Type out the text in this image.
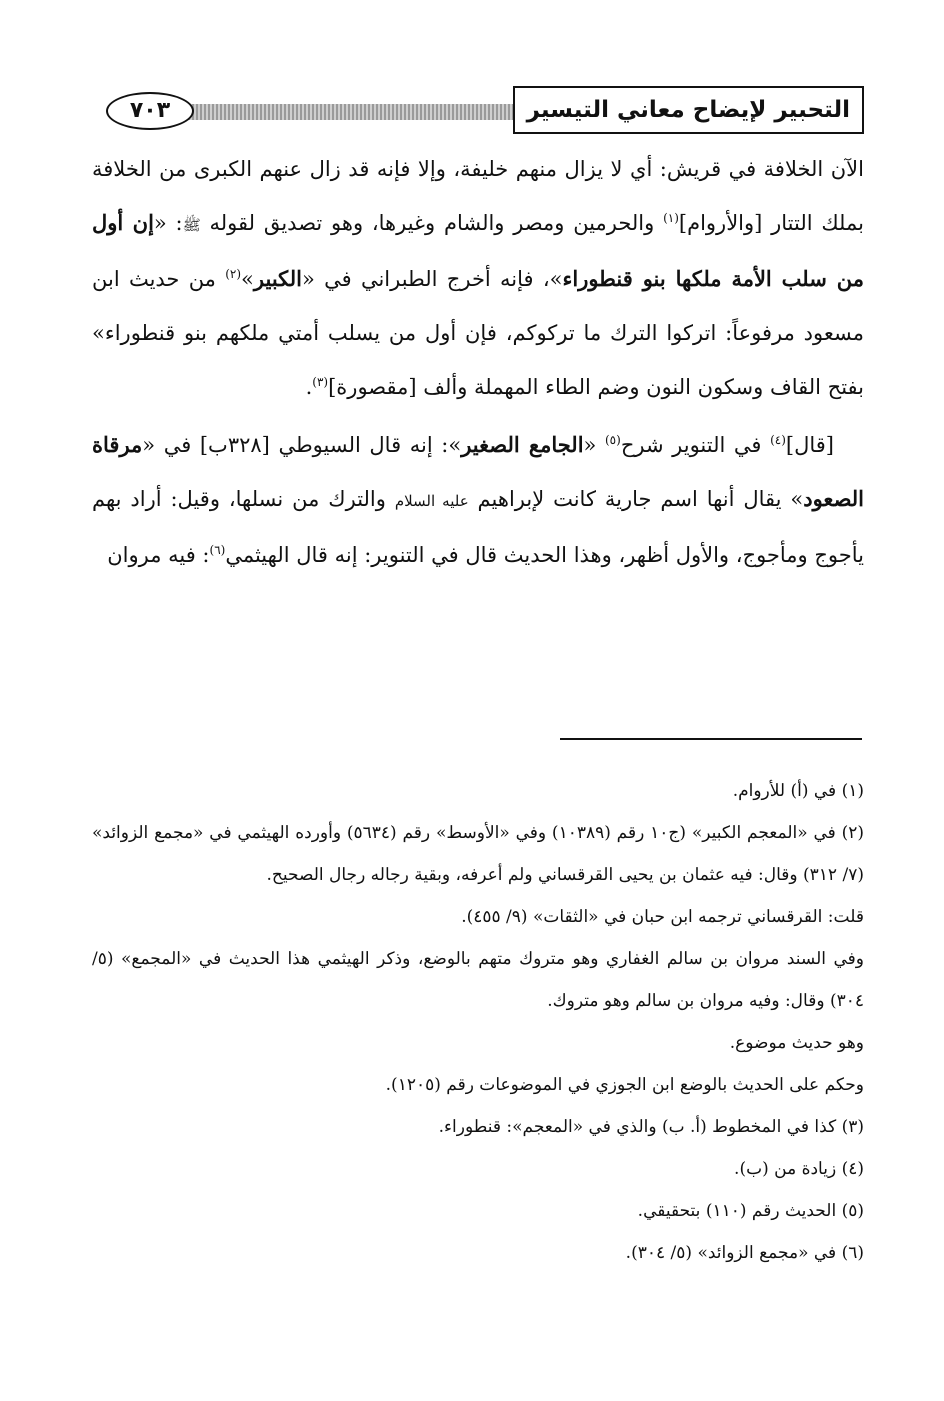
٧٠٣	التحبير لإيضاح معاني التيسير

الآن الخلافة في قريش: أي لا يزال منهم خليفة، وإلا فإنه قد زال عنهم الكبرى من الخلافة بملك التتار [والأروام]$^{(١)}$ والحرمين ومصر والشام وغيرها، وهو تصديق لقوله ﷺ: «إن أول من سلب الأمة ملكها بنو قنطوراء»، فإنه أخرج الطبراني في «الكبير»$^{(٢)}$ من حديث ابن مسعود مرفوعاً: اتركوا الترك ما تركوكم، فإن أول من يسلب أمتي ملكهم بنو قنطوراء» بفتح القاف وسكون النون وضم الطاء المهملة وألف [مقصورة]$^{(٣)}$.

[قال]$^{(٤)}$ في التنوير شرح$^{(٥)}$ «الجامع الصغير»: إنه قال السيوطي [٣٢٨ب] في «مرقاة الصعود» يقال أنها اسم جارية كانت لإبراهيم عليه السلام والترك من نسلها، وقيل: أراد بهم يأجوج ومأجوج، والأول أظهر، وهذا الحديث قال في التنوير: إنه قال الهيثمي$^{(٦)}$: فيه مروان

(١) في (أ) للأروام.

(٢) في «المعجم الكبير» (ج١٠ رقم (١٠٣٨٩) وفي «الأوسط» رقم (٥٦٣٤) وأورده الهيثمي في «مجمع الزوائد» (٧/ ٣١٢) وقال: فيه عثمان بن يحيى القرقساني ولم أعرفه، وبقية رجاله رجال الصحيح.

قلت: القرقساني ترجمه ابن حبان في «الثقات» (٩/ ٤٥٥).

وفي السند مروان بن سالم الغفاري وهو متروك متهم بالوضع، وذكر الهيثمي هذا الحديث في «المجمع» (٥/ ٣٠٤) وقال: وفيه مروان بن سالم وهو متروك.

وهو حديث موضوع.

وحكم على الحديث بالوضع ابن الجوزي في الموضوعات رقم (١٢٠٥).

(٣) كذا في المخطوط (أ. ب) والذي في «المعجم»: قنطوراء.

(٤) زيادة من (ب).

(٥) الحديث رقم (١١٠) بتحقيقي.

(٦) في «مجمع الزوائد» (٥/ ٣٠٤).
